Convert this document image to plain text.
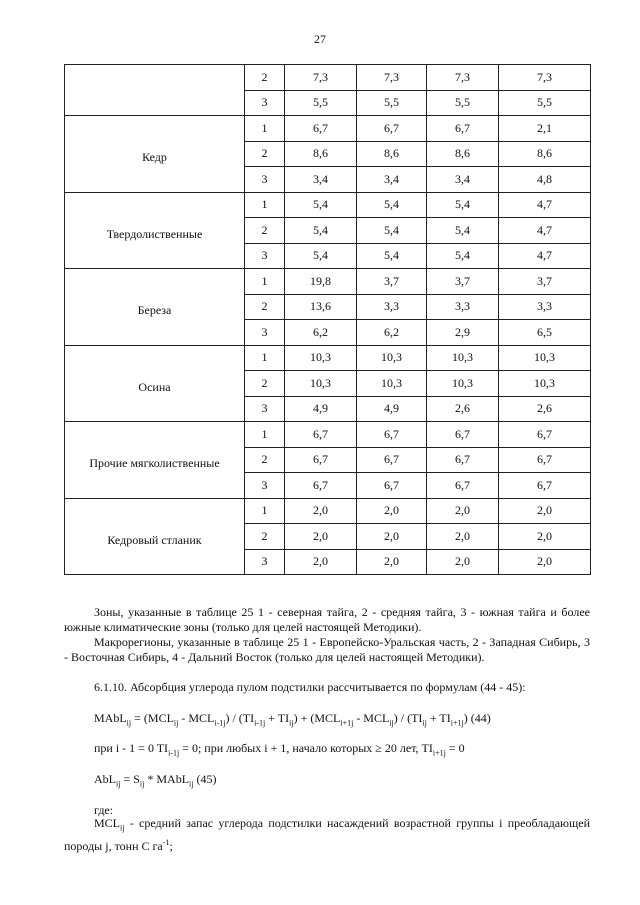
27
	2	7,3	7,3	7,3	7,3
	3	5,5	5,5	5,5	5,5
Кедр	1	6,7	6,7	6,7	2,1
	2	8,6	8,6	8,6	8,6
	3	3,4	3,4	3,4	4,8
Твердолиственные	1	5,4	5,4	5,4	4,7
	2	5,4	5,4	5,4	4,7
	3	5,4	5,4	5,4	4,7
Береза	1	19,8	3,7	3,7	3,7
	2	13,6	3,3	3,3	3,3
	3	6,2	6,2	2,9	6,5
Осина	1	10,3	10,3	10,3	10,3
	2	10,3	10,3	10,3	10,3
	3	4,9	4,9	2,6	2,6
Прочие мягколиственные	1	6,7	6,7	6,7	6,7
	2	6,7	6,7	6,7	6,7
	3	6,7	6,7	6,7	6,7
Кедровый стланик	1	2,0	2,0	2,0	2,0
	2	2,0	2,0	2,0	2,0
	3	2,0	2,0	2,0	2,0

Зоны, указанные в таблице 25 1 - северная тайга, 2 - средняя тайга, 3 - южная тайга и более южные климатические зоны (только для целей настоящей Методики).

Макрорегионы, указанные в таблице 25 1 - Европейско-Уральская часть, 2 - Западная Сибирь, 3 - Восточная Сибирь, 4 - Дальний Восток (только для целей настоящей Методики).

6.1.10. Абсорбция углерода пулом подстилки рассчитывается по формулам (44 - 45):

MAbL$_{ij}$ = $(MCL_{ij} - MCL_{i-1j}) / (TI_{i-1j} + TI_{ij}) + (MCL_{i+1j} - MCL_{ij}) / (TI_{ij} + TI_{i+1j})$ (44)

при i - 1 = 0 $TI_{i-1j} = 0$; при любых i + 1, начало которых ≥ 20 лет, $TI_{i+1j} = 0$

$AbL_{ij} = S_{ij}$ * MAbL$_{ij}$ (45)

где:

$MCL_{ij}$ - средний запас углерода подстилки насаждений возрастной группы i преобладающей породы j, тонн С $га^{-1}$;
